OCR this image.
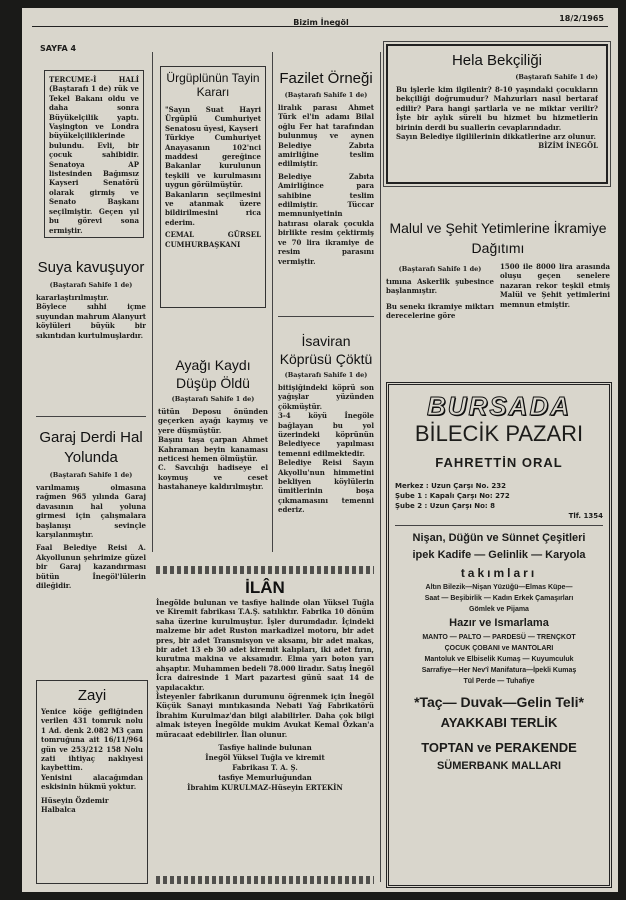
Bizim İnegöl	18/2/1965
SAYFA 4

TERCUME-İ HALİ (Baştarafı 1 de) rük ve Tekel Bakanı oldu ve daha sonra Büyükelçilik yaptı. Vaşington ve Londra büyükelçiliklerinde bulundu. Evli, bir çocuk sahibidir. Senatoya AP listesinden Bağımsız Kayseri Senatörü olarak girmiş ve Senato Başkanı seçilmiştir. Geçen yıl bu görevi sona ermiştir.

Ürgüplünün Tayin Kararı

"Sayın Suat Hayri Ürgüplü Cumhuriyet Senatosu üyesi, Kayseri

Türkiye Cumhuriyet Anayasanın 102'nci maddesi gereğince Bakanlar kurulunun teşkili ve kurulmasını uygun görülmüştür.

Bakanların seçilmesini ve atanmak üzere bildirilmesini rica ederim.

CEMAL GÜRSEL CUMHURBAŞKANI

Fazilet Örneği
(Baştarafı Sahife 1 de)

liralık parası Ahmet Türk el'in adamı Bilal oğlu Fer hat tarafından bulunmuş ve aynen Belediye Zabıta amirliğine teslim edilmiştir.

Belediye Zabıta Amirliğince para sahibine teslim edilmiştir. Tüccar memnuniyetinin hatırası olarak çocukla birlikte resim çektirmiş ve 70 lira ikramiye de resim parasını vermiştir.

Hela Bekçiliği
(Baştarafı Sahife 1 de)

Bu işlerle kim ilgilenir? 8-10 yaşındaki çocukların bekçiliği doğrumudur? Mahzurları nasıl bertaraf edilir? Para hangi şartlarla ve ne miktar verilir? İşte bir aylık süreli bu hizmet bu hizmetlerin birinin derdi bu suallerin cevaplarındadır.

Sayın Belediye ilgililerinin dikkatlerine arz olunur.

BİZİM İNEGÖL

Suya kavuşuyor
(Baştarafı Sahife 1 de)

kararlaştırılmıştır.

Böylece sıhhi içme suyundan mahrum Alanyurt köylüleri büyük bir sıkıntıdan kurtulmuşlardır.

Ayağı Kaydı Düşüp Öldü
(Baştarafı Sahife 1 de)

tütün Deposu önünden geçerken ayağı kaymış ve yere düşmüştür.

Başını taşa çarpan Ahmet Kahraman beyin kanaması neticesi hemen ölmüştür.

C. Savcılığı hadiseye el koymuş ve ceset hastahaneye kaldırılmıştır.

İsaviran Köprüsü Çöktü
(Baştarafı Sahife 1 de)

bitişiğindeki köprü son yağışlar yüzünden çökmüştür.

3-4 köyü İnegöle bağlayan bu yol üzerindeki köprünün Belediyece yapılması temenni edilmektedir.

Belediye Reisi Sayın Akyollu'nun himmetini bekliyen köylülerin ümitlerinin boşa çıkmamasını temenni ederiz.

Malul ve Şehit Yetimlerine İkramiye Dağıtımı
(Baştarafı Sahife 1 de)

tımına Askerlik şubesince başlanmıştır.

Bu senekı ikramiye miktarı derecelerine göre

1500 ile 8000 lira arasında oluşu geçen senelere nazaran rekor teşkil etmiş Malül ve Şehit yetimlerini memnun etmiştir.

Garaj Derdi Hal Yolunda
(Baştarafı Sahife 1 de)

varılmamış olmasına rağmen 965 yılında Garaj davasının hal yoluna girmesi için çalışmalara başlanışı sevinçle karşılanmıştır.

Faal Belediye Reisi A. Akyollunun şehrimize güzel bir Garaj kazandırması bütün İnegöl'lülerin dileğidir.	İLÂN

İnegölde bulunan ve tasfiye halinde olan Yüksel Tuğla ve Kiremit fabrikası T.A.Ş. satılıktır. Fabrika 10 dönüm saha üzerine kurulmuştur. İşler durumdadır. İçindeki malzeme bir adet Ruston markadizel motoru, bir adet pres, bir adet Transmisyon ve aksamı, bir adet makas, bir adet 13 eb 30 adet kiremit kalıpları, iki adet fırın, kurutma makina ve aksamıdır. Elma yarı boton yarı ahşaptır. Muhammen bedeli 78.000 liradır. Satış İnegöl İcra dairesinde 1 Mart pazartesi günü saat 14 de yapılacaktır.

İsteyenler fabrikanın durumunu öğrenmek için İnegöl Küçük Sanayi mıntıkasında Nebati Yağ Fabrikatörü İbrahim Kurulmaz'dan bilgi alabilirler. Daha çok bilgi almak isteyen İnegölde mukim Avukat Kemal Özkan'a müracaat edebilirler. İlan olunur.

Tasfiye halinde bulunan
İnegöl Yüksel Tuğla ve kiremit
Fabrikası T. A. Ş.
tasfiye Memurluğundan
İbrahim KURULMAZ-Hüseyin ERTEKİN
Zayi

Yenice köğe gefliğinden verilen 431 tomruk nolu 1 Ad. denk 2.082 M3 çam tomruğuna ait 16/11/964 gün ve 253/212 158 Nolu zati ihtiyaç naklıyesi kaybettim.

Yenisini alacağımdan eskisinin hükmü yoktur.

Hüseyin Özdemir

Halbalca

BURSADA
BİLECİK PAZARI
FAHRETTİN ORAL
Merkez : Uzun Çarşı No. 232
Şube 1 : Kapalı Çarşı No: 272
Şube 2 : Uzun Çarşı No: 8
Tlf. 1354
Nişan, Düğün ve Sünnet Çeşitleri
ipek Kadife — Gelinlik — Karyola
takımları
Altın Bilezik—Nişan Yüzüğü—Elmas Küpe—
Saat — Beşibirlik — Kadın Erkek Çamaşırları
Gömlek ve Pijama
Hazır ve Ismarlama
MANTO — PALTO — PARDESÜ — TRENÇKOT
ÇOCUK ÇOBANI ve MANTOLARI
Mantoluk ve Elbiselik Kumaş — Kuyumculuk
Sarrafiye—Her Nev'î Manifatura—İpekli Kumaş
Tül Perde — Tuhafiye
*Taç— Duvak—Gelin Teli*
AYAKKABI TERLİK
TOPTAN ve PERAKENDE
SÜMERBANK MALLARI
